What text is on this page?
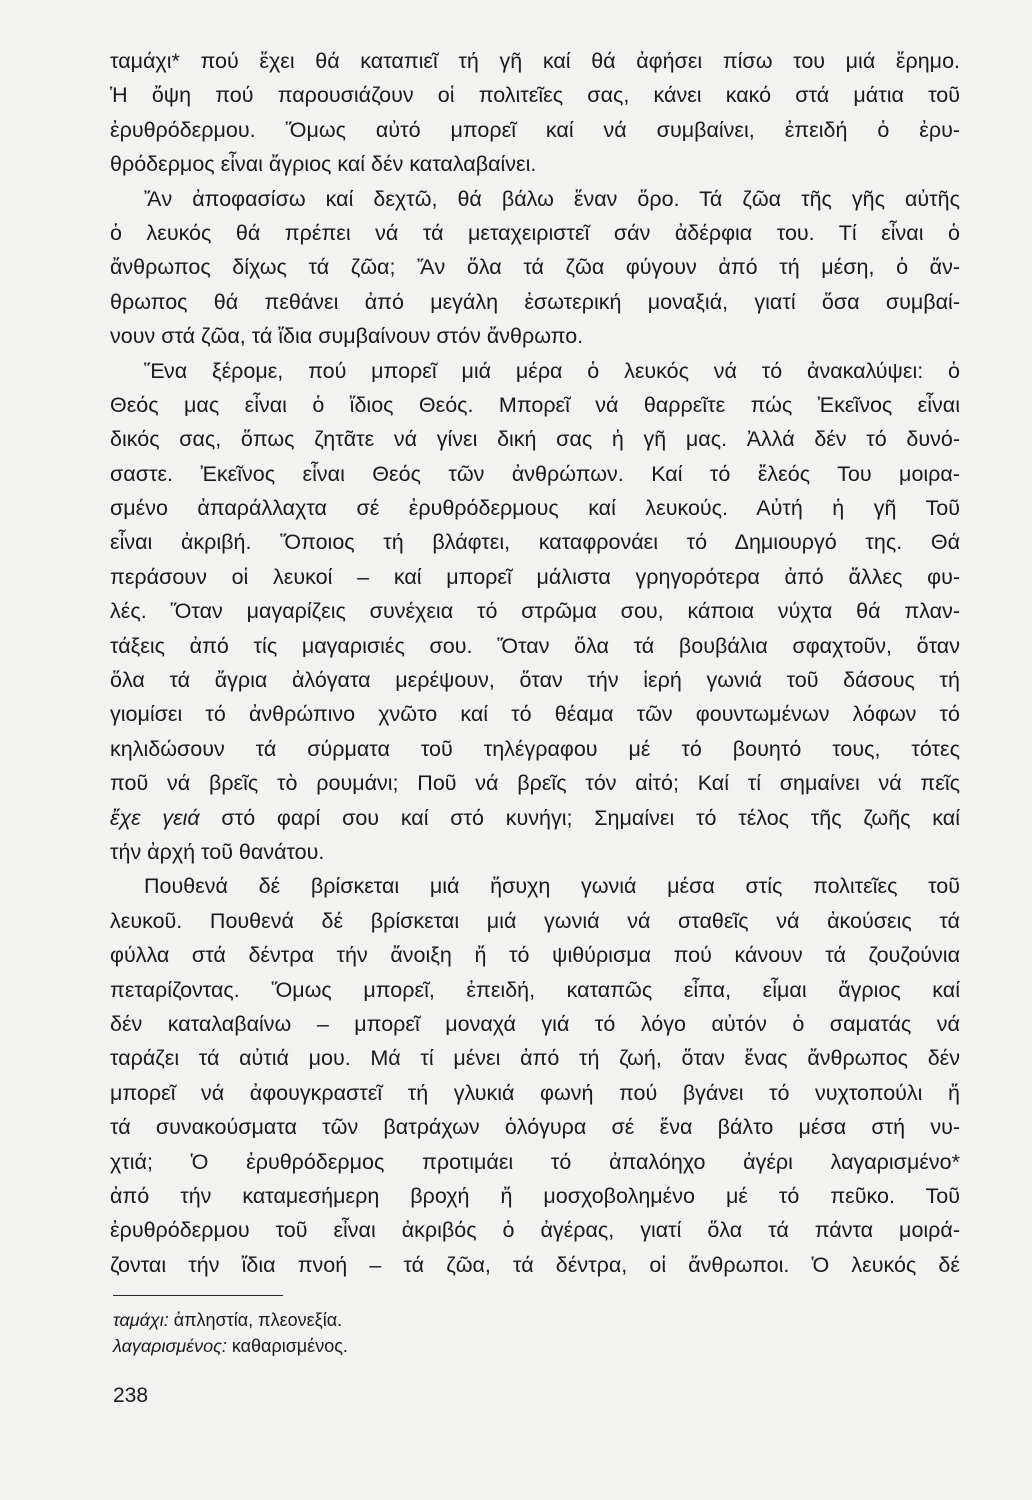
ταμάχι* πού ἔχει θά καταπιεῖ τή γῆ καί θά ἀφήσει πίσω του μιά ἔρημο.
Ἡ ὄψη πού παρουσιάζουν οἱ πολιτεῖες σας, κάνει κακό στά μάτια τοῦ
ἐρυθρόδερμου. Ὅμως αὐτό μπορεῖ καί νά συμβαίνει, ἐπειδή ὁ ἐρυ-
θρόδερμος εἶναι ἄγριος καί δέν καταλαβαίνει.
Ἄν ἀποφασίσω καί δεχτῶ, θά βάλω ἕναν ὅρο. Τά ζῶα τῆς γῆς αὐτῆς
ὁ λευκός θά πρέπει νά τά μεταχειριστεῖ σάν ἀδέρφια του. Τί εἶναι ὁ
ἄνθρωπος δίχως τά ζῶα; Ἄν ὅλα τά ζῶα φύγουν ἀπό τή μέση, ὁ ἄν-
θρωπος θά πεθάνει ἀπό μεγάλη ἐσωτερική μοναξιά, γιατί ὅσα συμβαί-
νουν στά ζῶα, τά ἴδια συμβαίνουν στόν ἄνθρωπο.
Ἕνα ξέρομε, πού μπορεῖ μιά μέρα ὁ λευκός νά τό ἀνακαλύψει: ὁ
Θεός μας εἶναι ὁ ἴδιος Θεός. Μπορεῖ νά θαρρεῖτε πώς Ἐκεῖνος εἶναι
δικός σας, ὅπως ζητᾶτε νά γίνει δική σας ἡ γῆ μας. Ἀλλά δέν τό δυνό-
σαστε. Ἐκεῖνος εἶναι Θεός τῶν ἀνθρώπων. Καί τό ἔλεός Του μοιρα-
σμένο ἀπαράλλαχτα σέ ἐρυθρόδερμους καί λευκούς. Αὐτή ἡ γῆ Τοῦ
εἶναι ἀκριβή. Ὅποιος τή βλάφτει, καταφρονάει τό Δημιουργό της. Θά
περάσουν οἱ λευκοί – καί μπορεῖ μάλιστα γρηγορότερα ἀπό ἄλλες φυ-
λές. Ὅταν μαγαρίζεις συνέχεια τό στρῶμα σου, κάποια νύχτα θά πλαν-
τάξεις ἀπό τίς μαγαρισιές σου. Ὅταν ὅλα τά βουβάλια σφαχτοῦν, ὅταν
ὅλα τά ἄγρια ἀλόγατα μερέψουν, ὅταν τήν ἱερή γωνιά τοῦ δάσους τή
γιομίσει τό ἀνθρώπινο χνῶτο καί τό θέαμα τῶν φουντωμένων λόφων τό
κηλιδώσουν τά σύρματα τοῦ τηλέγραφου μέ τό βουητό τους, τότες
ποῦ νά βρεῖς τὸ ρουμάνι; Ποῦ νά βρεῖς τόν αἰτό; Καί τί σημαίνει νά πεῖς
ἔχε γειά στό φαρί σου καί στό κυνήγι; Σημαίνει τό τέλος τῆς ζωῆς καί
τήν ἀρχή τοῦ θανάτου.
Πουθενά δέ βρίσκεται μιά ἥσυχη γωνιά μέσα στίς πολιτεῖες τοῦ
λευκοῦ. Πουθενά δέ βρίσκεται μιά γωνιά νά σταθεῖς νά ἀκούσεις τά
φύλλα στά δέντρα τήν ἄνοιξη ἤ τό ψιθύρισμα πού κάνουν τά ζουζούνια
πεταρίζοντας. Ὅμως μπορεῖ, ἐπειδή, καταπῶς εἶπα, εἶμαι ἄγριος καί
δέν καταλαβαίνω – μπορεῖ μοναχά γιά τό λόγο αὐτόν ὁ σαματάς νά
ταράζει τά αὐτιά μου. Μά τί μένει ἀπό τή ζωή, ὅταν ἕνας ἄνθρωπος δέν
μπορεῖ νά ἀφουγκραστεῖ τή γλυκιά φωνή πού βγάνει τό νυχτοπούλι ἤ
τά συνακούσματα τῶν βατράχων ὁλόγυρα σέ ἕνα βάλτο μέσα στή νυ-
χτιά; Ὁ ἐρυθρόδερμος προτιμάει τό ἀπαλόηχο ἀγέρι λαγαρισμένο*
ἀπό τήν καταμεσήμερη βροχή ἤ μοσχοβολημένο μέ τό πεῦκο. Τοῦ
ἐρυθρόδερμου τοῦ εἶναι ἀκριβός ὁ ἀγέρας, γιατί ὅλα τά πάντα μοιρά-
ζονται τήν ἴδια πνοή – τά ζῶα, τά δέντρα, οἱ ἄνθρωποι. Ὁ λευκός δέ
ταμάχι: ἀπληστία, πλεονεξία.
λαγαρισμένος: καθαρισμένος.
238
